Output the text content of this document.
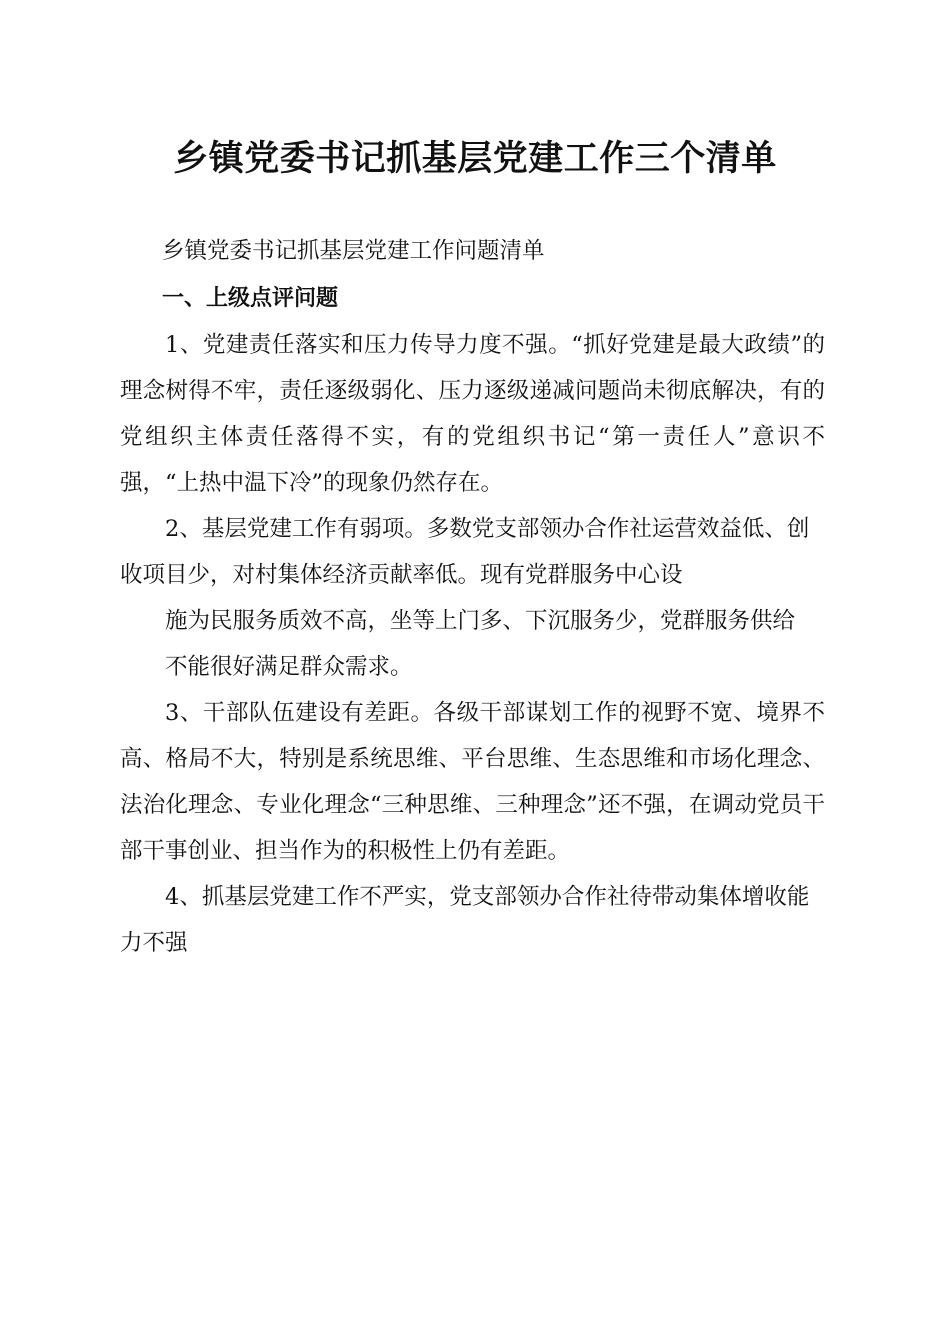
乡镇党委书记抓基层党建工作三个清单

乡镇党委书记抓基层党建工作问题清单

一、上级点评问题

1、党建责任落实和压力传导力度不强。“抓好党建是最大政绩”的理念树得不牢，责任逐级弱化、压力逐级递减问题尚未彻底解决，有的党组织主体责任落得不实，有的党组织书记“第一责任人”意识不强，“上热中温下冷”的现象仍然存在。

2、基层党建工作有弱项。多数党支部领办合作社运营效益低、创收项目少，对村集体经济贡献率低。现有党群服务中心设

施为民服务质效不高，坐等上门多、下沉服务少，党群服务供给

不能很好满足群众需求。

3、干部队伍建设有差距。各级干部谋划工作的视野不宽、境界不高、格局不大，特别是系统思维、平台思维、生态思维和市场化理念、法治化理念、专业化理念“三种思维、三种理念”还不强，在调动党员干部干事创业、担当作为的积极性上仍有差距。

4、抓基层党建工作不严实，党支部领办合作社待带动集体增收能力不强
